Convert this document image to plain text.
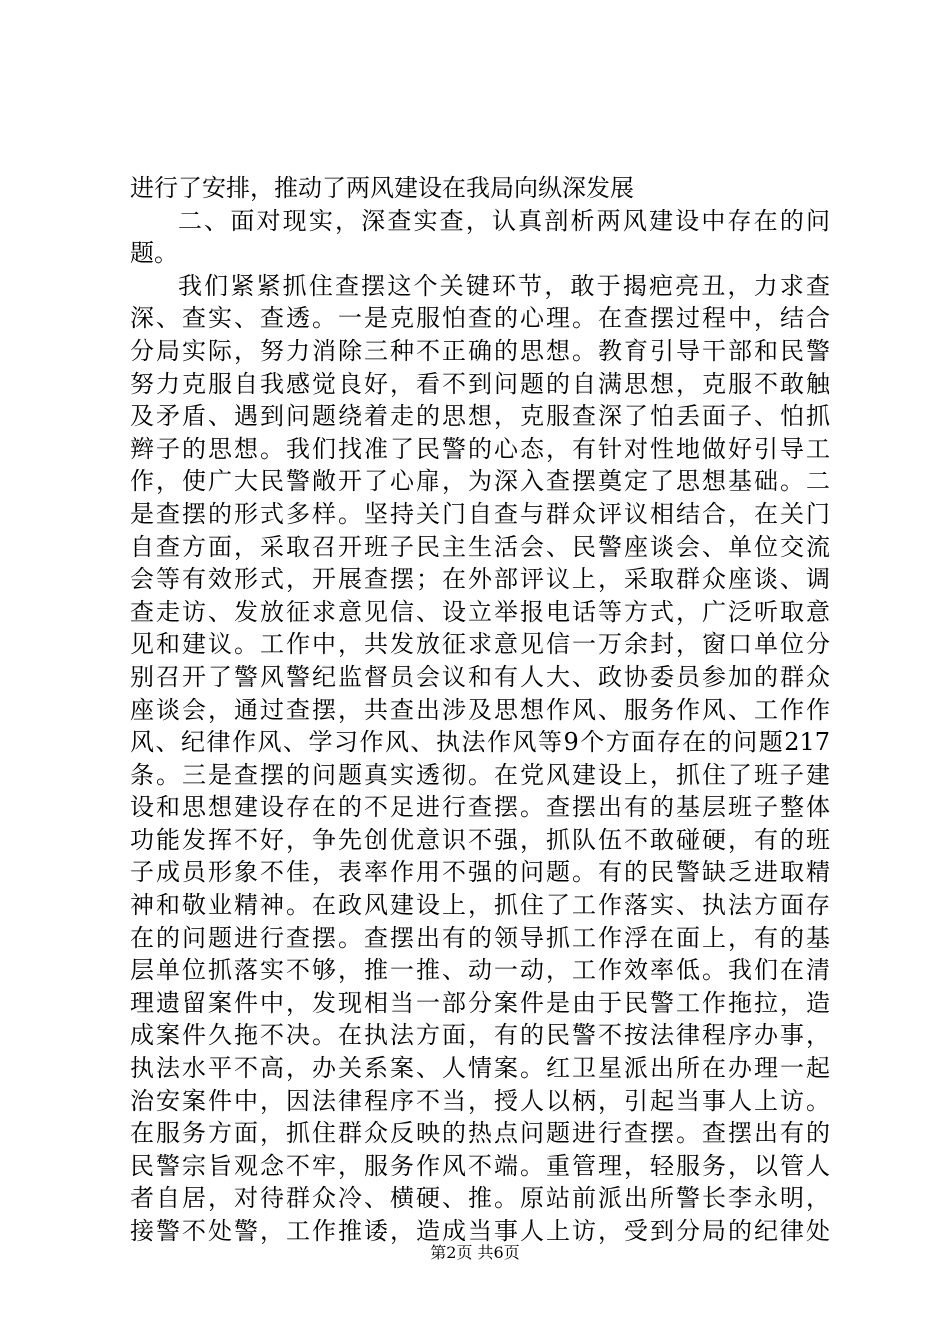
进行了安排，推动了两风建设在我局向纵深发展
二、面对现实，深查实查，认真剖析两风建设中存在的问
题。
我们紧紧抓住查摆这个关键环节，敢于揭疤亮丑，力求查
深、查实、查透。一是克服怕查的心理。在查摆过程中，结合
分局实际，努力消除三种不正确的思想。教育引导干部和民警
努力克服自我感觉良好，看不到问题的自满思想，克服不敢触
及矛盾、遇到问题绕着走的思想，克服查深了怕丢面子、怕抓
辫子的思想。我们找准了民警的心态，有针对性地做好引导工
作，使广大民警敞开了心扉，为深入查摆奠定了思想基础。二
是查摆的形式多样。坚持关门自查与群众评议相结合，在关门
自查方面，采取召开班子民主生活会、民警座谈会、单位交流
会等有效形式，开展查摆；在外部评议上，采取群众座谈、调
查走访、发放征求意见信、设立举报电话等方式，广泛听取意
见和建议。工作中，共发放征求意见信一万余封，窗口单位分
别召开了警风警纪监督员会议和有人大、政协委员参加的群众
座谈会，通过查摆，共查出涉及思想作风、服务作风、工作作
风、纪律作风、学习作风、执法作风等9个方面存在的问题217
条。三是查摆的问题真实透彻。在党风建设上，抓住了班子建
设和思想建设存在的不足进行查摆。查摆出有的基层班子整体
功能发挥不好，争先创优意识不强，抓队伍不敢碰硬，有的班
子成员形象不佳，表率作用不强的问题。有的民警缺乏进取精
神和敬业精神。在政风建设上，抓住了工作落实、执法方面存
在的问题进行查摆。查摆出有的领导抓工作浮在面上，有的基
层单位抓落实不够，推一推、动一动，工作效率低。我们在清
理遗留案件中，发现相当一部分案件是由于民警工作拖拉，造
成案件久拖不决。在执法方面，有的民警不按法律程序办事，
执法水平不高，办关系案、人情案。红卫星派出所在办理一起
治安案件中，因法律程序不当，授人以柄，引起当事人上访。
在服务方面，抓住群众反映的热点问题进行查摆。查摆出有的
民警宗旨观念不牢，服务作风不端。重管理，轻服务，以管人
者自居，对待群众冷、横硬、推。原站前派出所警长李永明，
接警不处警，工作推诿，造成当事人上访，受到分局的纪律处
第2页 共6页
